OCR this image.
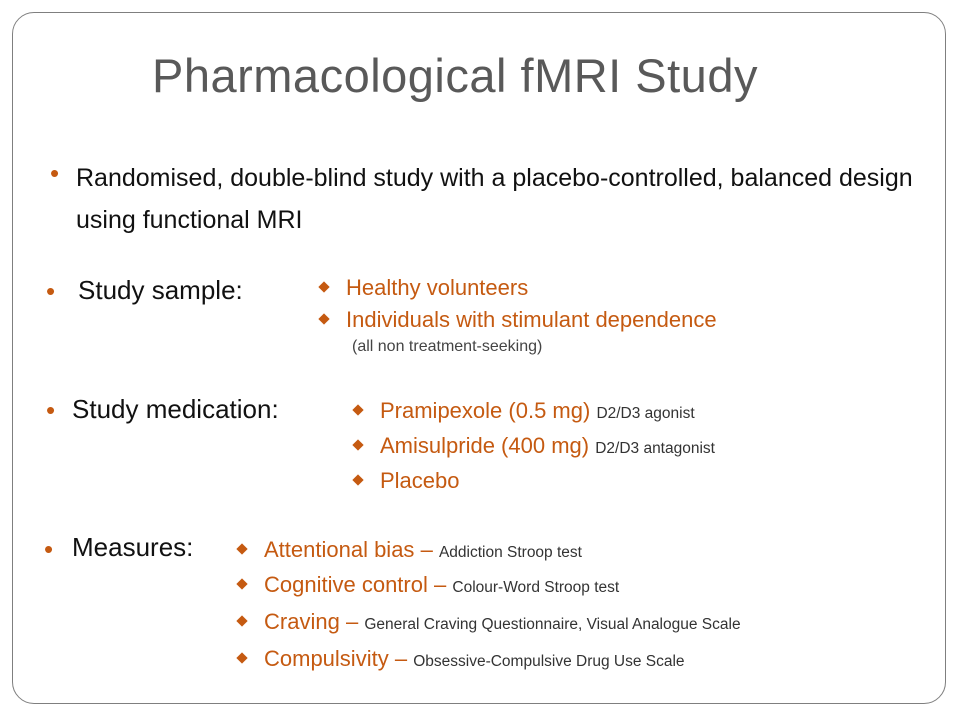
Pharmacological fMRI Study
• Randomised, double-blind study with a placebo-controlled, balanced design using functional MRI
• Study sample:	Healthy volunteers
Individuals with stimulant dependence
(all non treatment-seeking)
• Study medication:	Pramipexole (0.5 mg) D2/D3 agonist
Amisulpride (400 mg) D2/D3 antagonist
Placebo
• Measures:	Attentional bias – Addiction Stroop test
Cognitive control – Colour-Word Stroop test
Craving – General Craving Questionnaire, Visual Analogue Scale
Compulsivity – Obsessive-Compulsive Drug Use Scale
